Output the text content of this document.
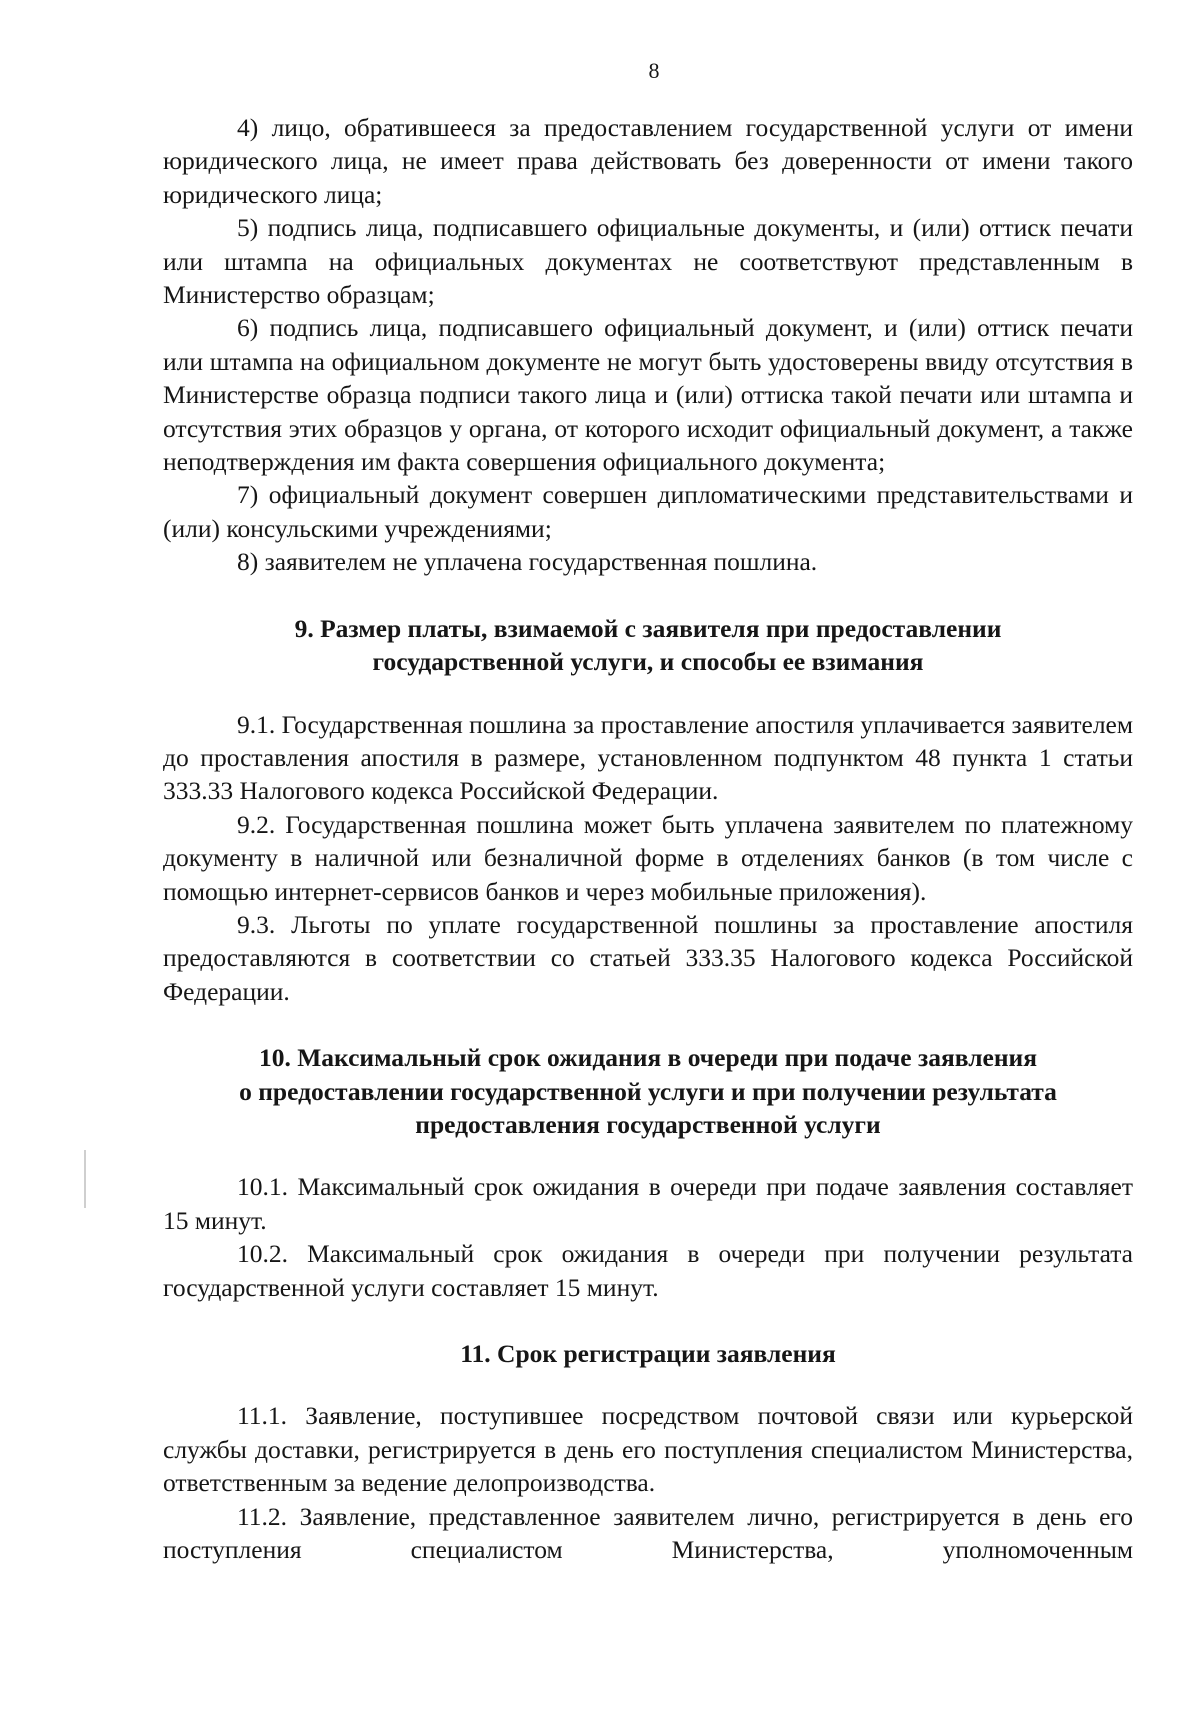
8

4) лицо, обратившееся за предоставлением государственной услуги от имени юридического лица, не имеет права действовать без доверенности от имени такого юридического лица;

5) подпись лица, подписавшего официальные документы, и (или) оттиск печати или штампа на официальных документах не соответствуют представленным в Министерство образцам;

6) подпись лица, подписавшего официальный документ, и (или) оттиск печати или штампа на официальном документе не могут быть удостоверены ввиду отсутствия в Министерстве образца подписи такого лица и (или) оттиска такой печати или штампа и отсутствия этих образцов у органа, от которого исходит официальный документ, а также неподтверждения им факта совершения официального документа;

7) официальный документ совершен дипломатическими представительствами и (или) консульскими учреждениями;

8) заявителем не уплачена государственная пошлина.

9. Размер платы, взимаемой с заявителя при предоставлении
государственной услуги, и способы ее взимания

9.1. Государственная пошлина за проставление апостиля уплачивается заявителем до проставления апостиля в размере, установленном подпунктом 48 пункта 1 статьи 333.33 Налогового кодекса Российской Федерации.

9.2. Государственная пошлина может быть уплачена заявителем по платежному документу в наличной или безналичной форме в отделениях банков (в том числе с помощью интернет-сервисов банков и через мобильные приложения).

9.3. Льготы по уплате государственной пошлины за проставление апостиля предоставляются в соответствии со статьей 333.35 Налогового кодекса Российской Федерации.

10. Максимальный срок ожидания в очереди при подаче заявления
о предоставлении государственной услуги и при получении результата
предоставления государственной услуги

10.1. Максимальный срок ожидания в очереди при подаче заявления составляет 15 минут.

10.2. Максимальный срок ожидания в очереди при получении результата государственной услуги составляет 15 минут.

11. Срок регистрации заявления

11.1. Заявление, поступившее посредством почтовой связи или курьерской службы доставки, регистрируется в день его поступления специалистом Министерства, ответственным за ведение делопроизводства.

11.2. Заявление, представленное заявителем лично, регистрируется в день его поступления специалистом Министерства, уполномоченным
